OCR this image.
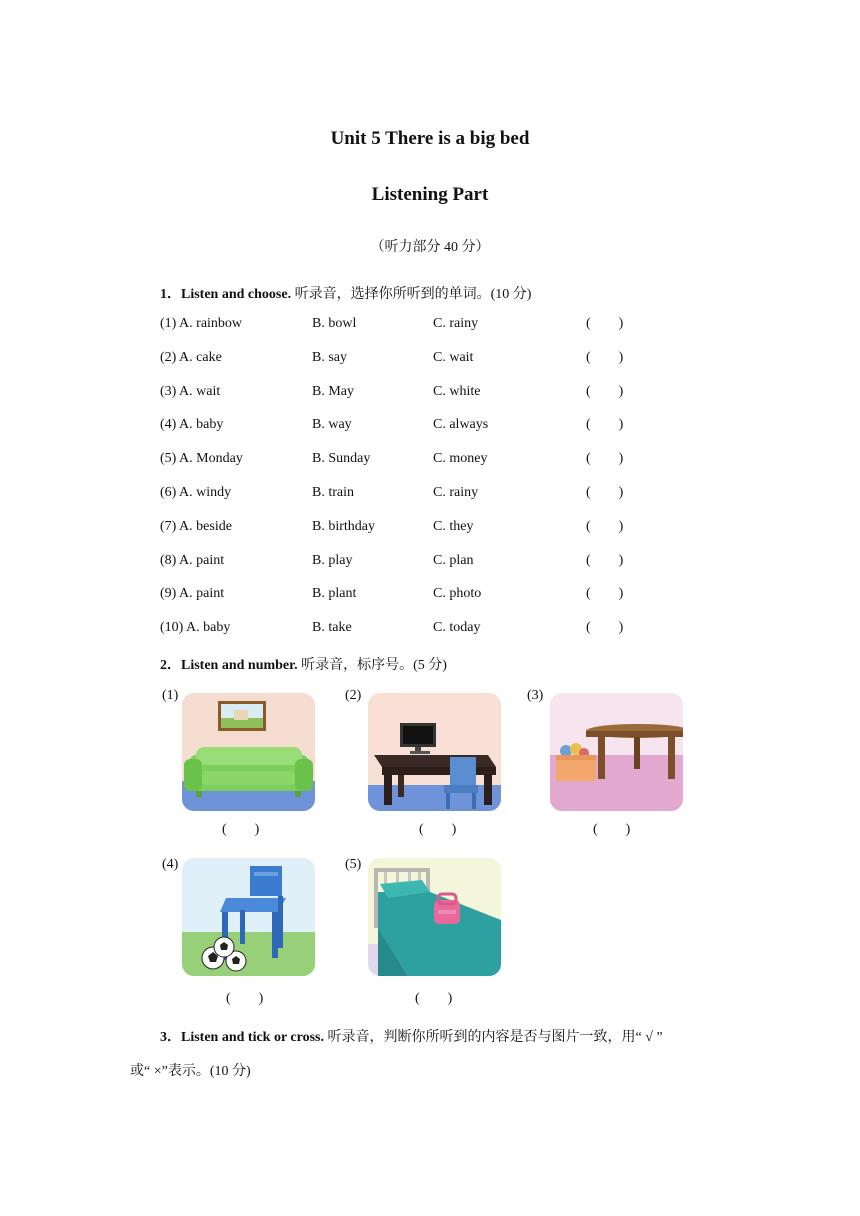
Unit 5 There is a big bed
Listening Part
（听力部分 40 分）
1．Listen and choose. 听录音，选择你所听到的单词。(10 分)
(1) A. rainbow	B. bowl	C. rainy	(        )
(2) A. cake	B. say	C. wait	(        )
(3) A. wait	B. May	C. white	(        )
(4) A. baby	B. way	C. always	(        )
(5) A. Monday	B. Sunday	C. money	(        )
(6) A. windy	B. train	C. rainy	(        )
(7) A. beside	B. birthday	C. they	(        )
(8) A. paint	B. play	C. plan	(        )
(9) A. paint	B. plant	C. photo	(        )
(10) A. baby	B. take	C. today	(        )
2．Listen and number. 听录音，标序号。(5 分)
(1)	(2)	(3)
(4)	(5)
(        )	(        )	(        )
(        )	(        )
3．Listen and tick or cross. 听录音，判断你所听到的内容是否与图片一致，用“ √ ”
或“ ×”表示。(10 分)
